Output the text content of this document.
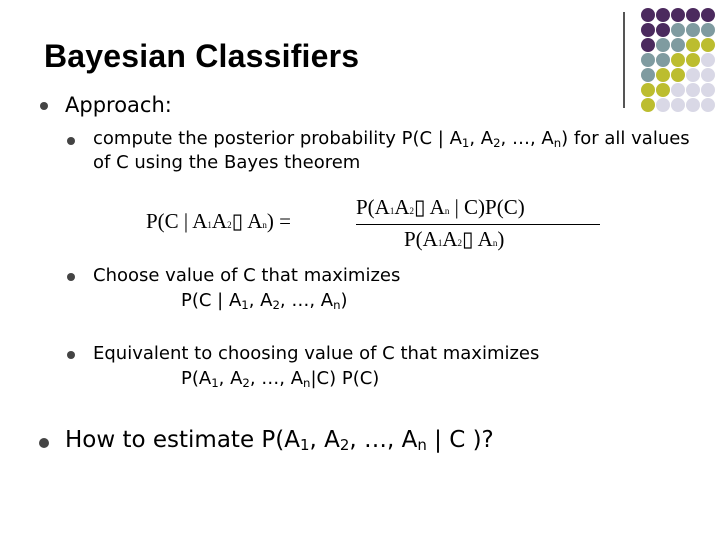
Bayesian Classifiers
Approach:
compute the posterior probability P(C | $A_1$, $A_2$, …, $A_n$) for all values
of C using the Bayes theorem
P(C | A1A2▯ An) =
P(A1A2▯ An | C)P(C)
P(A1A2▯ An)
Choose value of C that maximizes
P(C | $A_1$, $A_2$, …, $A_n$)
Equivalent to choosing value of C that maximizes
$P(A_1$, $A_2$, …, $A_n|C$) P(C)
How to estimate $P(A_1$, $A_2$, …, $A_n$ | C )?
